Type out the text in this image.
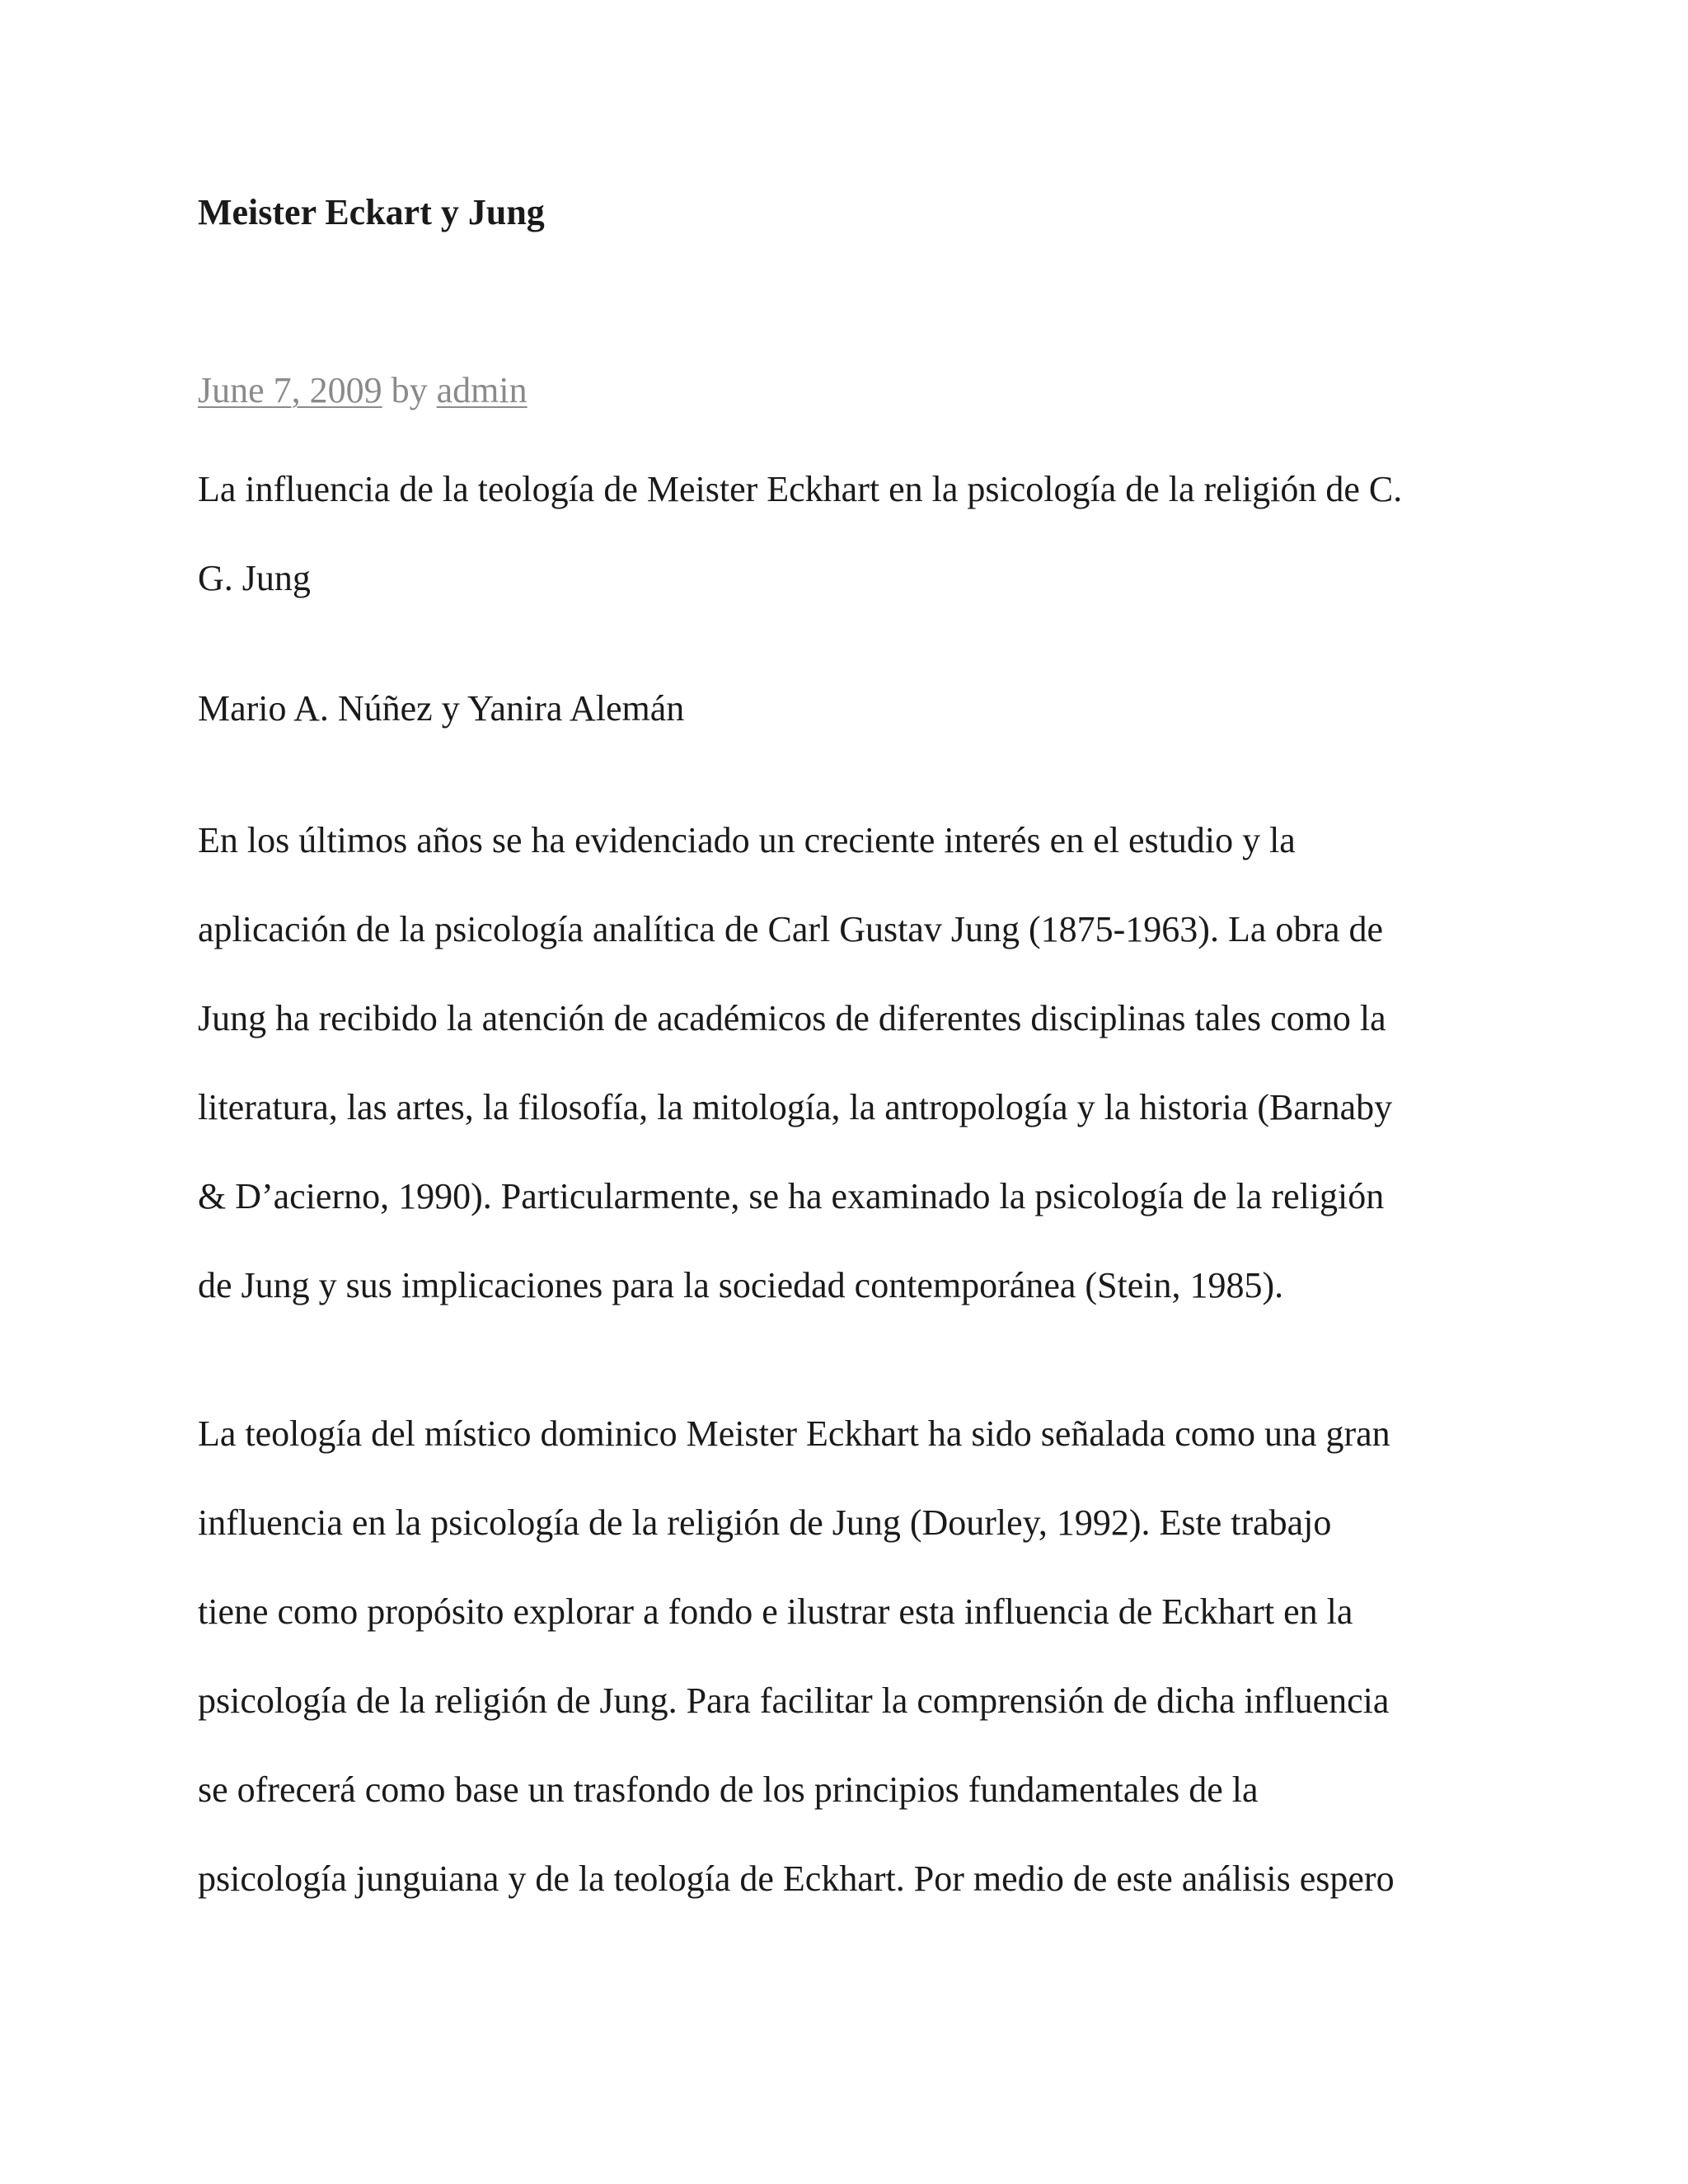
Meister Eckart y Jung
June 7, 2009 by admin

La influencia de la teología de Meister Eckhart en la psicología de la religión de C.
G. Jung

Mario A. Núñez y Yanira Alemán

En los últimos años se ha evidenciado un creciente interés en el estudio y la
aplicación de la psicología analítica de Carl Gustav Jung (1875-1963). La obra de
Jung ha recibido la atención de académicos de diferentes disciplinas tales como la
literatura, las artes, la filosofía, la mitología, la antropología y la historia (Barnaby
& D’acierno, 1990). Particularmente, se ha examinado la psicología de la religión
de Jung y sus implicaciones para la sociedad contemporánea (Stein, 1985).

La teología del místico dominico Meister Eckhart ha sido señalada como una gran
influencia en la psicología de la religión de Jung (Dourley, 1992). Este trabajo
tiene como propósito explorar a fondo e ilustrar esta influencia de Eckhart en la
psicología de la religión de Jung. Para facilitar la comprensión de dicha influencia
se ofrecerá como base un trasfondo de los principios fundamentales de la
psicología junguiana y de la teología de Eckhart. Por medio de este análisis espero
